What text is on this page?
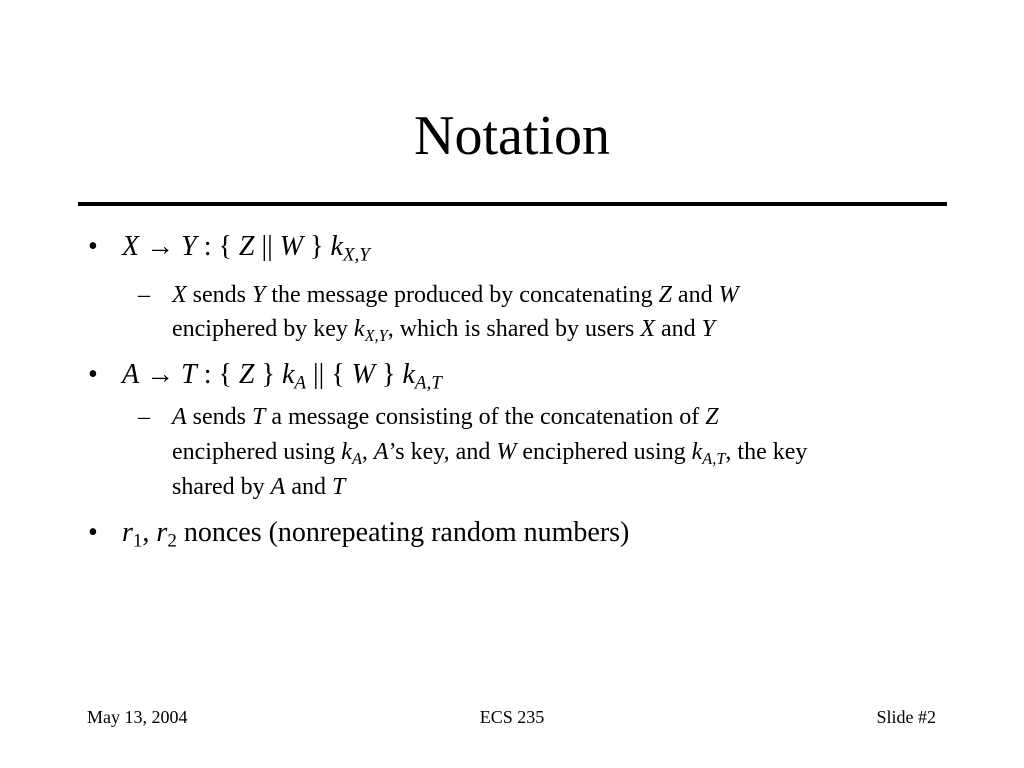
Notation
• X → Y : { Z || W } $k_{X,Y}$
– X sends Y the message produced by concatenating Z and W
enciphered by key $k_{X,Y}$, which is shared by users X and Y
• A → T : { Z } $k_A$ || { W } $k_{A,T}$
– A sends T a message consisting of the concatenation of Z
enciphered using $k_A$, A’s key, and W enciphered using $k_{A,T}$, the key
shared by A and T
• $r_1$, $r_2$ nonces (nonrepeating random numbers)
May 13, 2004	ECS 235	Slide #2
